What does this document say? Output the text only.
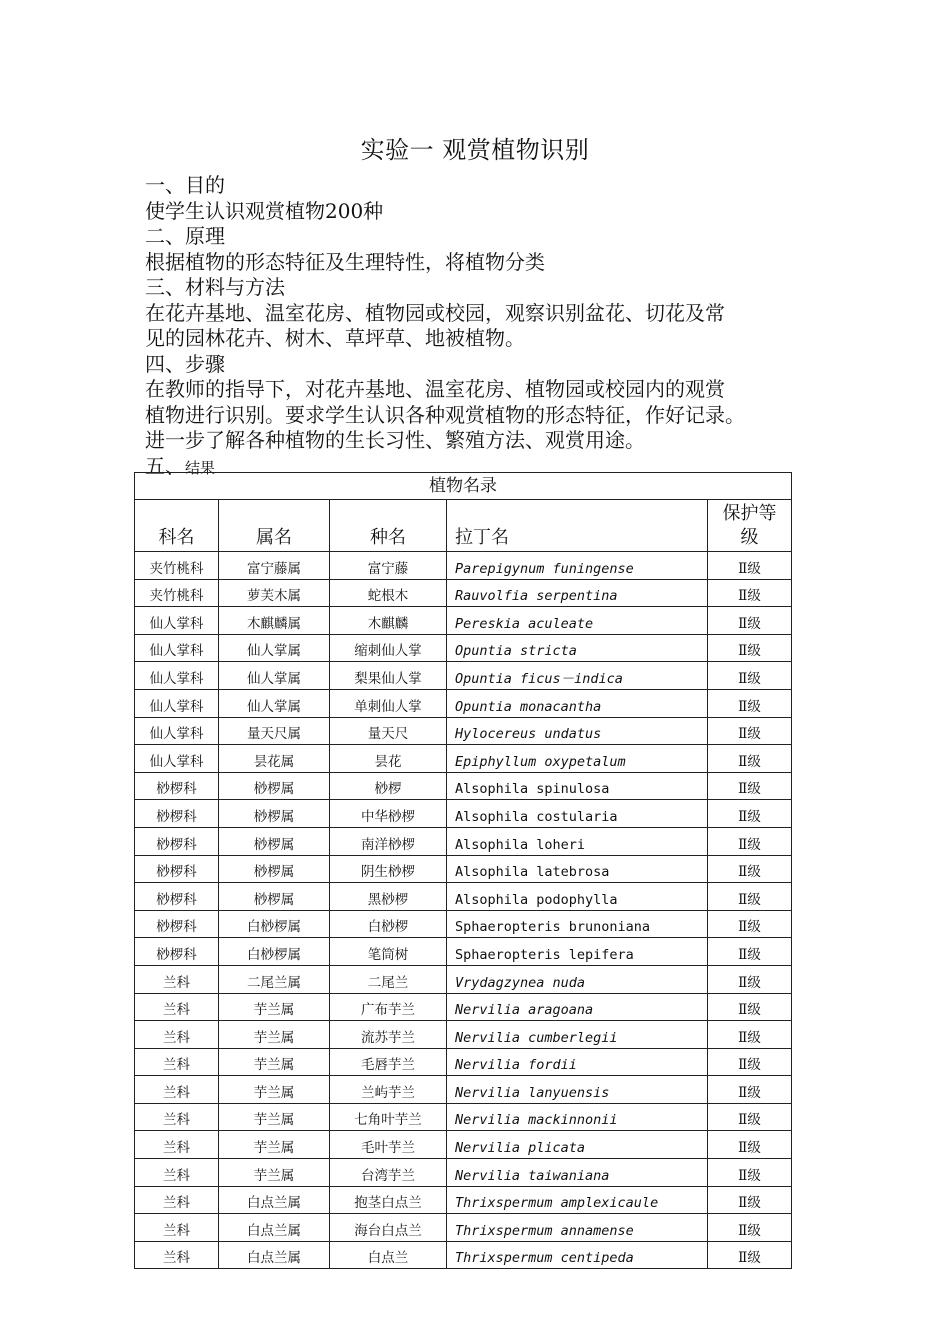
实验一 观赏植物识别

一、目的

使学生认识观赏植物200种

二、原理

根据植物的形态特征及生理特性，将植物分类

三、材料与方法

在花卉基地、温室花房、植物园或校园，观察识别盆花、切花及常

见的园林花卉、树木、草坪草、地被植物。

四、步骤

在教师的指导下，对花卉基地、温室花房、植物园或校园内的观赏

植物进行识别。要求学生认识各种观赏植物的形态特征，作好记录。

进一步了解各种植物的生长习性、繁殖方法、观赏用途。

五、结果

植物名录				
科名	属名	种名	拉丁名	保护等
级
夹竹桃科	富宁藤属	富宁藤	Parepigynum funingense	Ⅱ级
夹竹桃科	萝芙木属	蛇根木	Rauvolfia serpentina	Ⅱ级
仙人掌科	木麒麟属	木麒麟	Pereskia aculeate	Ⅱ级
仙人掌科	仙人掌属	缩刺仙人掌	Opuntia stricta	Ⅱ级
仙人掌科	仙人掌属	梨果仙人掌	Opuntia ficus－indica	Ⅱ级
仙人掌科	仙人掌属	单刺仙人掌	Opuntia monacantha	Ⅱ级
仙人掌科	量天尺属	量天尺	Hylocereus undatus	Ⅱ级
仙人掌科	昙花属	昙花	Epiphyllum oxypetalum	Ⅱ级
桫椤科	桫椤属	桫椤	Alsophila spinulosa	Ⅱ级
桫椤科	桫椤属	中华桫椤	Alsophila costularia	Ⅱ级
桫椤科	桫椤属	南洋桫椤	Alsophila loheri	Ⅱ级
桫椤科	桫椤属	阴生桫椤	Alsophila latebrosa	Ⅱ级
桫椤科	桫椤属	黑桫椤	Alsophila podophylla	Ⅱ级
桫椤科	白桫椤属	白桫椤	Sphaeropteris brunoniana	Ⅱ级
桫椤科	白桫椤属	笔筒树	Sphaeropteris lepifera	Ⅱ级
兰科	二尾兰属	二尾兰	Vrydagzynea nuda	Ⅱ级
兰科	芋兰属	广布芋兰	Nervilia aragoana	Ⅱ级
兰科	芋兰属	流苏芋兰	Nervilia cumberlegii	Ⅱ级
兰科	芋兰属	毛唇芋兰	Nervilia fordii	Ⅱ级
兰科	芋兰属	兰屿芋兰	Nervilia lanyuensis	Ⅱ级
兰科	芋兰属	七角叶芋兰	Nervilia mackinnonii	Ⅱ级
兰科	芋兰属	毛叶芋兰	Nervilia plicata	Ⅱ级
兰科	芋兰属	台湾芋兰	Nervilia taiwaniana	Ⅱ级
兰科	白点兰属	抱茎白点兰	Thrixspermum amplexicaule	Ⅱ级
兰科	白点兰属	海台白点兰	Thrixspermum annamense	Ⅱ级
兰科	白点兰属	白点兰	Thrixspermum centipeda	Ⅱ级
